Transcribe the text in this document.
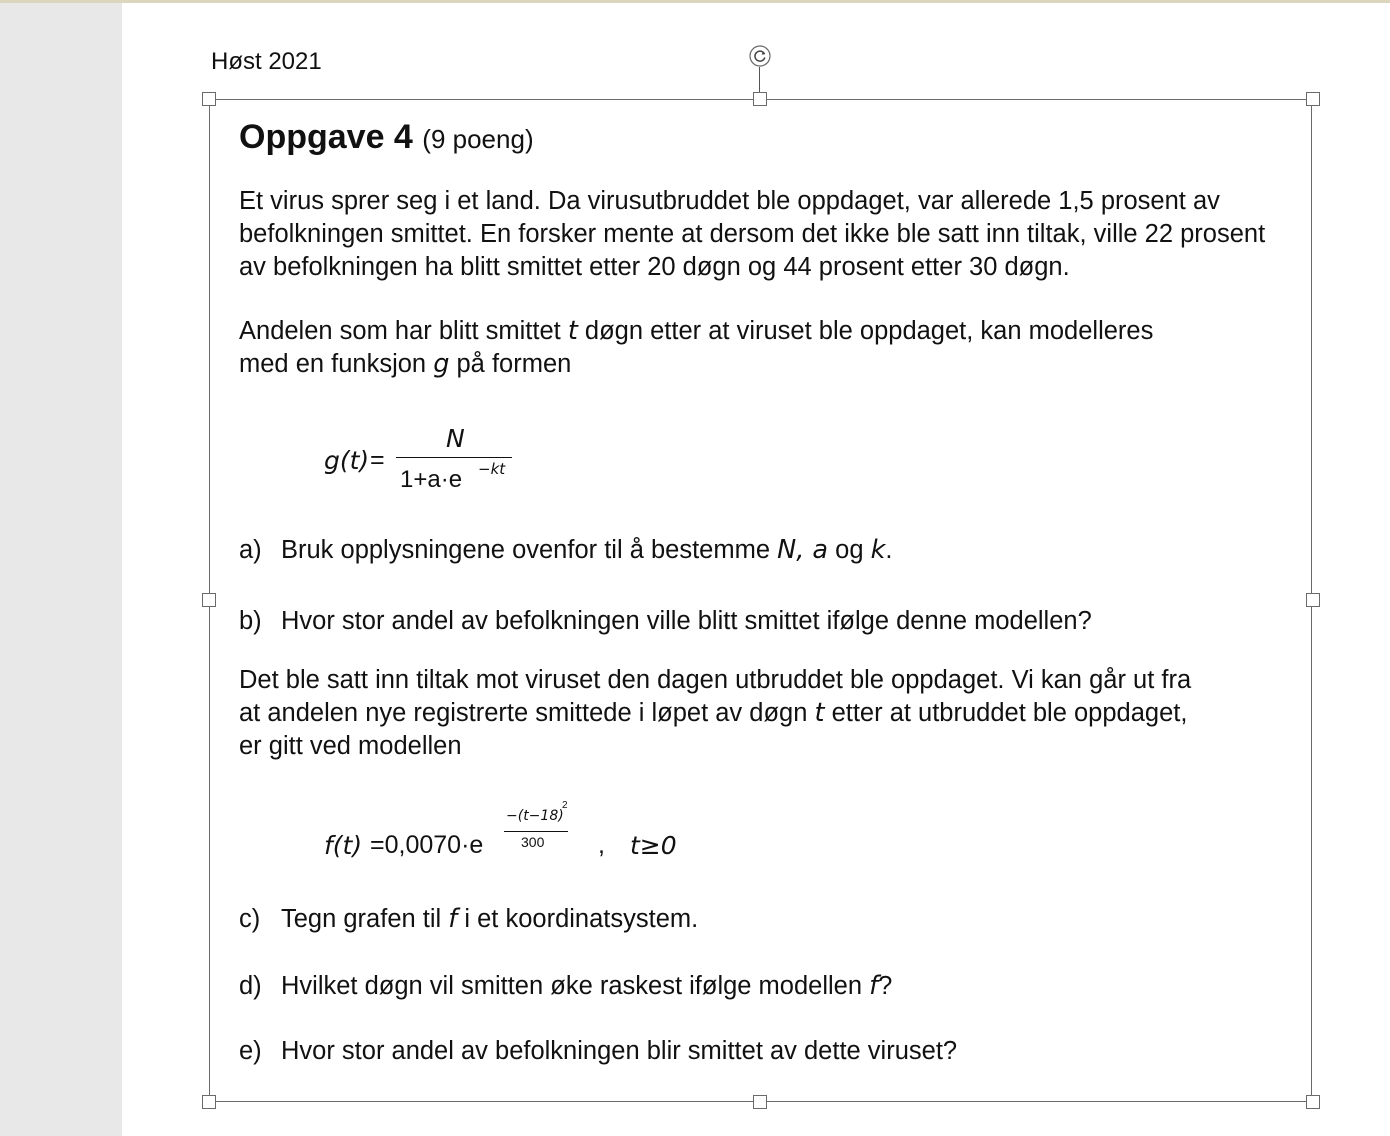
Høst 2021
Oppgave 4 (9 poeng)

Et virus sprer seg i et land. Da virusutbruddet ble oppdaget, var allerede 1,5 prosent av befolkningen smittet. En forsker mente at dersom det ikke ble satt inn tiltak, ville 22 prosent av befolkningen ha blitt smittet etter 20 døgn og 44 prosent etter 30 døgn.

Andelen som har blitt smittet t døgn etter at viruset ble oppdaget, kan modelleres
med en funksjon g på formen
g(t) =
N
1+a·e −kt
a) Bruk opplysningene ovenfor til å bestemme N, a og k.
b) Hvor stor andel av befolkningen ville blitt smittet ifølge denne modellen?
Det ble satt inn tiltak mot viruset den dagen utbruddet ble oppdaget. Vi kan går ut fra
at andelen nye registrerte smittede i løpet av døgn t etter at utbruddet ble oppdaget,
er gitt ved modellen
f(t) =0,0070·e
−(t−18)
2
300 , t≥0
c) Tegn grafen til f i et koordinatsystem.
d) Hvilket døgn vil smitten øke raskest ifølge modellen f?
e) Hvor stor andel av befolkningen blir smittet av dette viruset?
